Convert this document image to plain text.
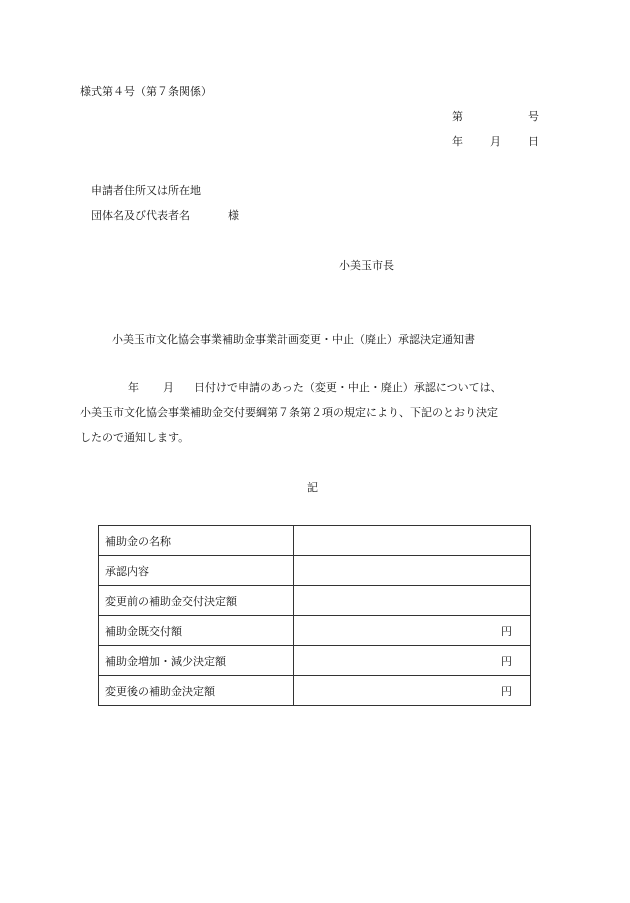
様式第４号（第７条関係）
第	号
年 月 日
申請者住所又は所在地
団体名及び代表者名	様
小美玉市長
小美玉市文化協会事業補助金事業計画変更・中止（廃止）承認決定通知書
年 月 日付けで申請のあった（変更・中止・廃止）承認については、
小美玉市文化協会事業補助金交付要綱第７条第２項の規定により、下記のとおり決定
したので通知します。
記
補助金の名称	
承認内容	
変更前の補助金交付決定額	
補助金既交付額	円
補助金増加・減少決定額	円
変更後の補助金決定額	円
